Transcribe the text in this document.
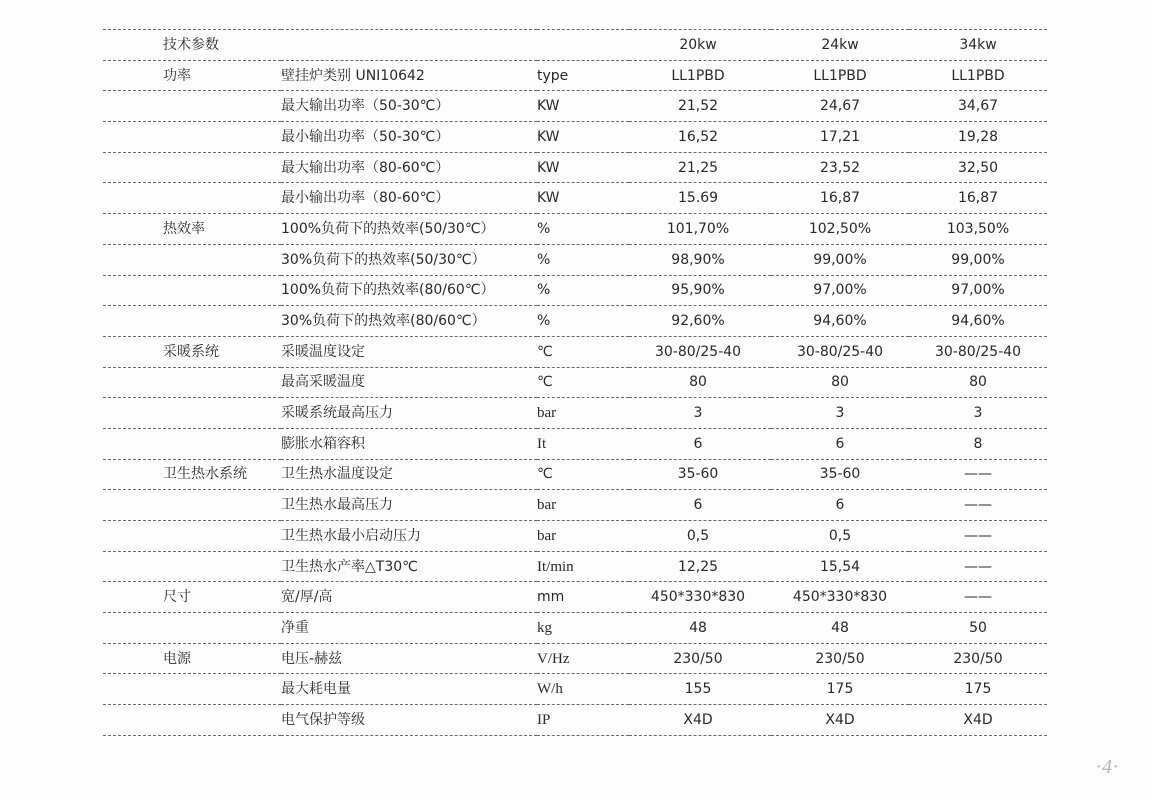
技术参数			20kw	24kw	34kw
功率	壁挂炉类别 UNI10642	type	LL1PBD	LL1PBD	LL1PBD
	最大输出功率（50-30℃）	KW	21,52	24,67	34,67
	最小输出功率（50-30℃）	KW	16,52	17,21	19,28
	最大输出功率（80-60℃）	KW	21,25	23,52	32,50
	最小输出功率（80-60℃）	KW	15.69	16,87	16,87
热效率	100%负荷下的热效率(50/30℃）	%	101,70%	102,50%	103,50%
	30%负荷下的热效率(50/30℃）	%	98,90%	99,00%	99,00%
	100%负荷下的热效率(80/60℃）	%	95,90%	97,00%	97,00%
	30%负荷下的热效率(80/60℃）	%	92,60%	94,60%	94,60%
采暖系统	采暖温度设定	℃	30-80/25-40	30-80/25-40	30-80/25-40
	最高采暖温度	℃	80	80	80
	采暖系统最高压力	bar	3	3	3
	膨胀水箱容积	It	6	6	8
卫生热水系统	卫生热水温度设定	℃	35-60	35-60	——
	卫生热水最高压力	bar	6	6	——
	卫生热水最小启动压力	bar	0,5	0,5	——
	卫生热水产率△T30℃	It/min	12,25	15,54	——
尺寸	宽/厚/高	mm	450*330*830	450*330*830	——
	净重	kg	48	48	50
电源	电压-赫兹	V/Hz	230/50	230/50	230/50
	最大耗电量	W/h	155	175	175
	电气保护等级	IP	X4D	X4D	X4D
·4·
